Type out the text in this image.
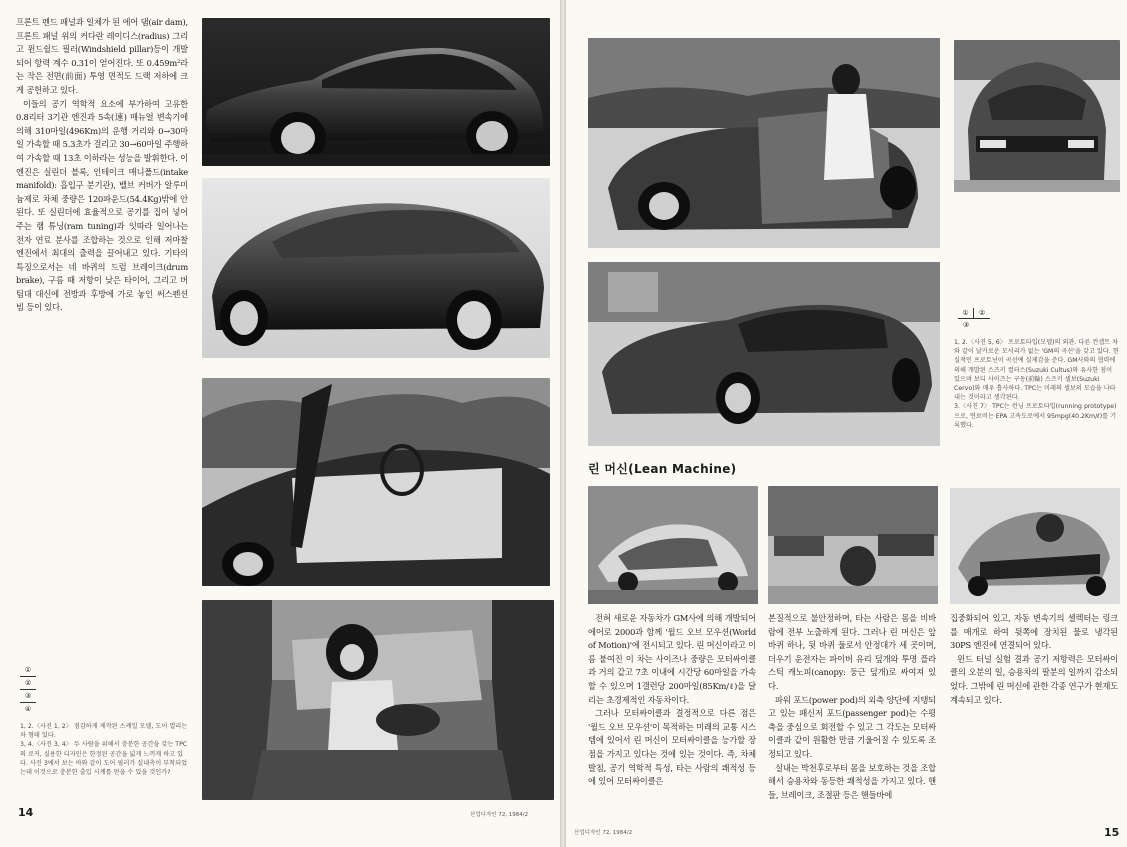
프론트 펜드 패널과 일체가 된 에어 댐(air dam), 프론트 패널 위의 커다란 레이디스(radius) 그리고 윈드쉴드 필러(Windshield pillar)등이 개발되어 항력 계수 0.31이 얻어진다. 또 0.459m²라는 작은 전면(前面) 투영 면적도 드랙 저하에 크게 공헌하고 있다.

이들의 공기 역학적 요소에 부가하여 고유한 0.8리터 3기관 엔진과 5속(速) 매뉴얼 변속기에 의해 310마일(496Km)의 운행 거리와 0→30마일 가속할 때 5.3초가 걸리고 30→60마일 주행하여 가속할 때 13초 이하라는 성능을 발휘한다. 이 엔진은 실린더 블록, 인테이크 매니폴드(intake manifold): 흡입구 분기관), 밸브 커버가 알루미늄제로 차체 중량은 120파운드(54.4Kg)밖에 안 된다. 또 실린더에 효율적으로 공기를 집어 넣어 주는 램 튜닝(ram tuning)과 잇따라 일어나는 전자 연료 분사를 조합하는 것으로 인해 저마찰 엔진에서 최대의 출력을 끌어내고 있다. 기타의 특징으로서는 네 바퀴의 드럼 브레이크(drum brake), 구름 때 저항이 낮은 타이어, 그리고 버팀대 대신에 전방과 후방에 가로 놓인 써스펜션 빔 등이 있다.

①
②
③
④

1, 2.〈사진 1, 2〉 점감하게 제작된 스케일 모델, 도어 열리는 차 형태 있다.

3, 4.〈사진 3, 4〉 두 사람을 위해서 충분한 공간을 갖는 TPC의 로커, 실용한 디자인은 한정된 공간을 넓게 느끼게 하고 있다. 사진 3에서 보는 바와 같이 도어 필러가 실내측이 부착되었는데 이것으로 충분한 출입 시계를 얻을 수 있을 것인가?

14	산업디자인 72, 1984/2
①	②
③

1, 2.〈사진 5, 6〉 프로토타입(모델)의 외관. 다른 컨셉트 차와 같이 날카로운 모서리가 없는 'GM의 곡선'을 갖고 있다. 현실적인 프로토넌이 곡선에 실제감을 준다. GM사와의 협력에 의해 개발된 스즈키 컬터스(Suzuki Cultus)와 유사한 점이 있으며 보디 사이즈는 구동(前輪) 스즈키 셀보(Suzuki Cervo)와 매우 흡사하다. TPC는 미래의 셀보의 모습을 나타내는 것이라고 생각된다.

3.〈사진 7〉 TPC는 런닝 프로토타입(running prototype)으로, 연료비는 EPA 고속도로에서 95mpg(40.2Km/ℓ)를 기록했다.

린 머신(Lean Machine)

전혀 새로운 자동차가 GM사에 의해 개발되어 에어로 2000과 함께 '윌드 오브 모우션(World of Motion)'에 전시되고 있다. 린 머신이라고 이름 붙여진 이 차는 사이즈나 중량은 모터싸이클과 거의 같고 7초 이내에 시간당 60마일을 가속할 수 있으며 1갤런당 200마일(85Km/ℓ)을 달리는 초경제적인 자동차이다.

그러나 모터싸이클과 결정적으로 다른 점은 '윌드 오브 모우션'이 목적하는 미래의 교통 시스템에 있어서 린 머신이 모터싸이클을 능가할 장점을 가지고 있다는 것에 있는 것이다. 즉, 차체 발침, 공기 역학적 특성, 타는 사람의 쾌적성 등에 있어 모터싸이클은

본질적으로 불안정하며, 타는 사람은 몸을 비바람에 전부 노출하게 된다. 그러나 린 머신은 앞 바퀴 하나, 뒷 바퀴 둘로서 안정대가 세 곳이며, 더우기 운전자는 파이버 유리 덮개와 투명 플라스틱 캐노피(canopy: 둥근 덮개)로 싸여져 있다.

파워 포드(power pod)의 외측 양단에 지탱되고 있는 패신저 포드(passenger pod)는 수평축을 중심으로 회전할 수 있고 그 각도는 모터싸이클과 같이 원활한 만큼 기울어질 수 있도록 조정되고 있다.

실내는 박천후로부터 몸을 보호하는 것을 조합해서 승용차와 동등한 쾌적성을 가지고 있다. 핸들, 브레이크, 조절판 등은 핸들바에

집중화되어 있고, 자동 변속기의 셀렉터는 링크를 매개로 하여 뒷쪽에 장치된 물로 냉각된 30PS 엔진에 연결되어 있다.

윈드 터널 실험 결과 공기 저항력은 모터싸이클의 오분의 일, 승용차의 팔분의 일까지 감소되었다. 그밖에 린 머신에 관한 각종 연구가 현재도 계속되고 있다.

산업디자인 72, 1984/2	15
